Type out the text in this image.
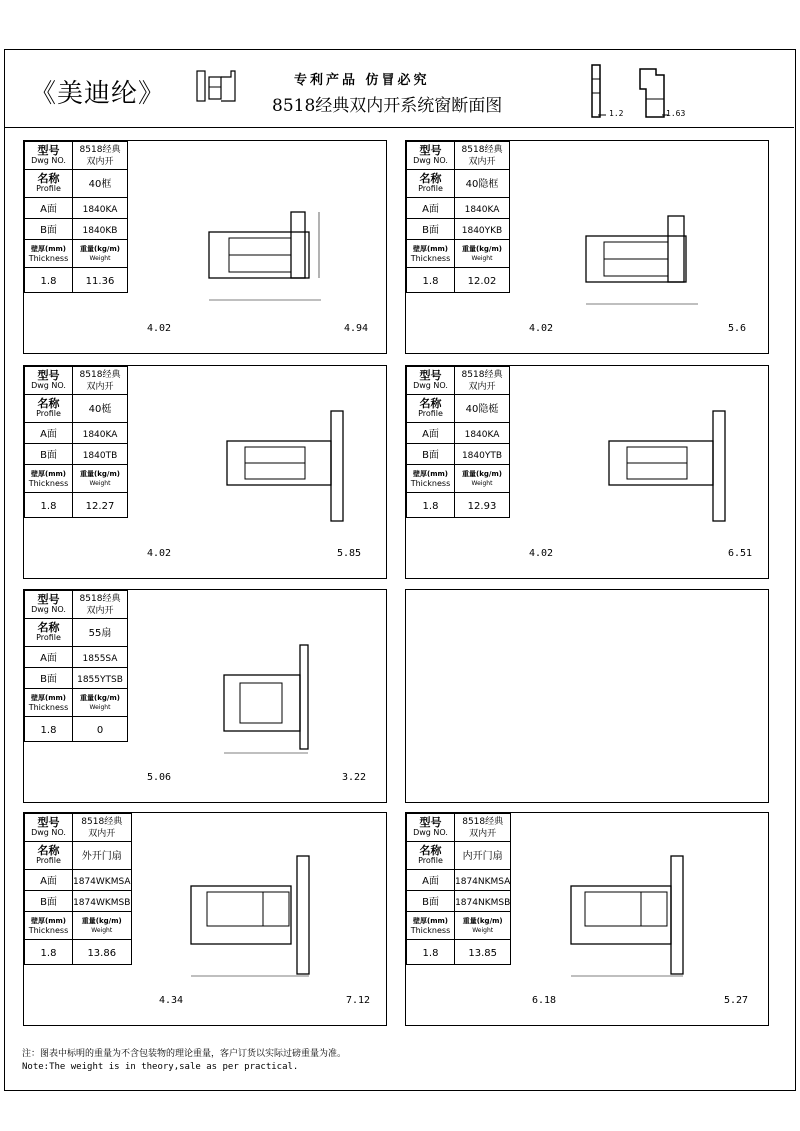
《美迪纶》	专利产品 仿冒必究
8518经典双内开系统窗断面图	1.2	1.63
型号
Dwg NO.	8518经典双内开

名称
Profile	40框
A面	1840KA
B面	1840KB

壁厚(mm)
Thickness	重量(kg/m)
Weight

1.8	11.36
4.02	4.94
型号
Dwg NO.	8518经典双内开

名称
Profile	40隐框
A面	1840KA
B面	1840YKB

壁厚(mm)
Thickness	重量(kg/m)
Weight

1.8	12.02
4.02	5.6
型号
Dwg NO.	8518经典双内开

名称
Profile	40梃
A面	1840KA
B面	1840TB

壁厚(mm)
Thickness	重量(kg/m)
Weight

1.8	12.27
4.02	5.85
型号
Dwg NO.	8518经典双内开

名称
Profile	40隐梃
A面	1840KA
B面	1840YTB

壁厚(mm)
Thickness	重量(kg/m)
Weight

1.8	12.93
4.02	6.51
型号
Dwg NO.	8518经典双内开

名称
Profile	55扇
A面	1855SA
B面	1855YTSB

壁厚(mm)
Thickness	重量(kg/m)
Weight

1.8	0
5.06	3.22
型号
Dwg NO.	8518经典双内开

名称
Profile	外开门扇
A面	1874WKMSA
B面	1874WKMSB

壁厚(mm)
Thickness	重量(kg/m)
Weight

1.8	13.86
4.34	7.12
型号
Dwg NO.	8518经典双内开

名称
Profile	内开门扇
A面	1874NKMSA
B面	1874NKMSB

壁厚(mm)
Thickness	重量(kg/m)
Weight

1.8	13.85
6.18	5.27
注：图表中标明的重量为不含包装物的理论重量，客户订货以实际过磅重量为准。
Note:The weight is in theory,sale as per practical.
